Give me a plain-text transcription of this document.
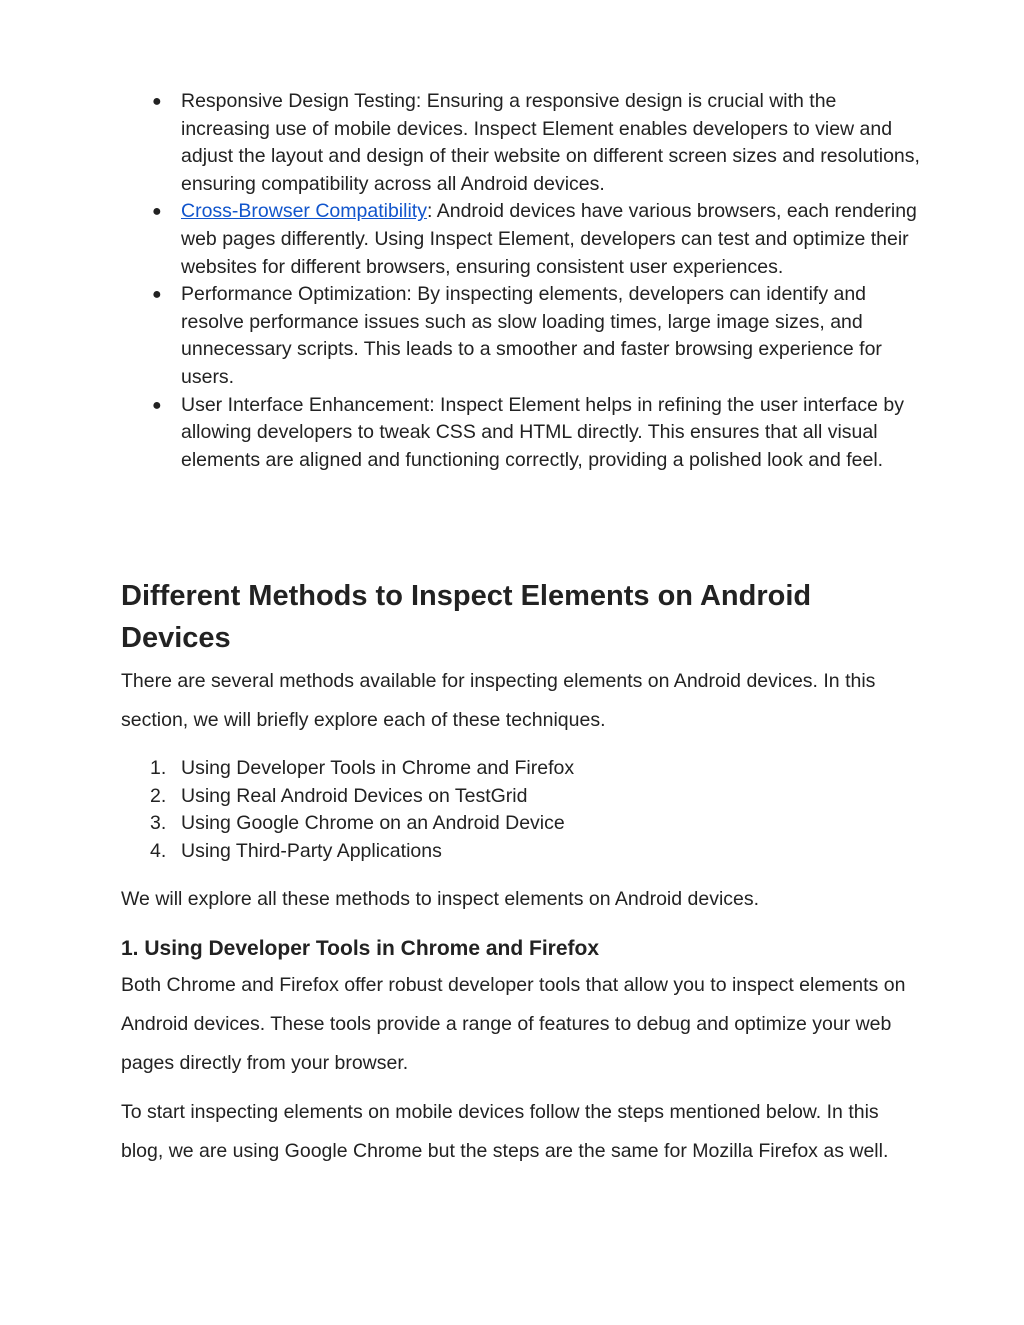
● Responsive Design Testing: Ensuring a responsive design is crucial with the increasing use of mobile devices. Inspect Element enables developers to view and adjust the layout and design of their website on different screen sizes and resolutions, ensuring compatibility across all Android devices.
● Cross-Browser Compatibility: Android devices have various browsers, each rendering web pages differently. Using Inspect Element, developers can test and optimize their websites for different browsers, ensuring consistent user experiences.
● Performance Optimization: By inspecting elements, developers can identify and resolve performance issues such as slow loading times, large image sizes, and unnecessary scripts. This leads to a smoother and faster browsing experience for users.
● User Interface Enhancement: Inspect Element helps in refining the user interface by allowing developers to tweak CSS and HTML directly. This ensures that all visual elements are aligned and functioning correctly, providing a polished look and feel.
Different Methods to Inspect Elements on Android Devices

There are several methods available for inspecting elements on Android devices. In this section, we will briefly explore each of these techniques.

1. Using Developer Tools in Chrome and Firefox
2. Using Real Android Devices on TestGrid
3. Using Google Chrome on an Android Device
4. Using Third-Party Applications

We will explore all these methods to inspect elements on Android devices.

1. Using Developer Tools in Chrome and Firefox

Both Chrome and Firefox offer robust developer tools that allow you to inspect elements on Android devices. These tools provide a range of features to debug and optimize your web pages directly from your browser.

To start inspecting elements on mobile devices follow the steps mentioned below. In this blog, we are using Google Chrome but the steps are the same for Mozilla Firefox as well.
